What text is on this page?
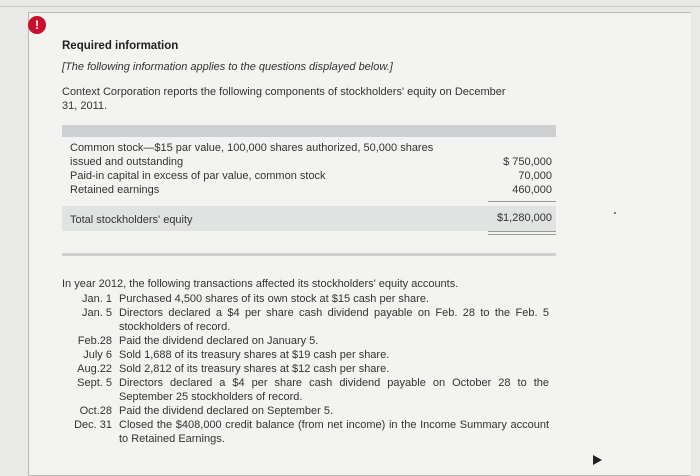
!
Required information
[The following information applies to the questions displayed below.]
Context Corporation reports the following components of stockholders' equity on December 31, 2011.
Common stock—$15 par value, 100,000 shares authorized, 50,000 shares
issued and outstanding	$ 750,000
Paid-in capital in excess of par value, common stock	70,000
Retained earnings	460,000
Total stockholders' equity	$1,280,000
In year 2012, the following transactions affected its stockholders' equity accounts.
Jan. 1 Purchased 4,500 shares of its own stock at $15 cash per share.
Jan. 5 Directors declared a $4 per share cash dividend payable on Feb. 28 to the Feb. 5 stockholders of record.
Feb.28 Paid the dividend declared on January 5.
July 6 Sold 1,688 of its treasury shares at $19 cash per share.
Aug.22 Sold 2,812 of its treasury shares at $12 cash per share.
Sept. 5 Directors declared a $4 per share cash dividend payable on October 28 to the September 25 stockholders of record.
Oct.28 Paid the dividend declared on September 5.
Dec. 31 Closed the $408,000 credit balance (from net income) in the Income Summary account to Retained Earnings.
